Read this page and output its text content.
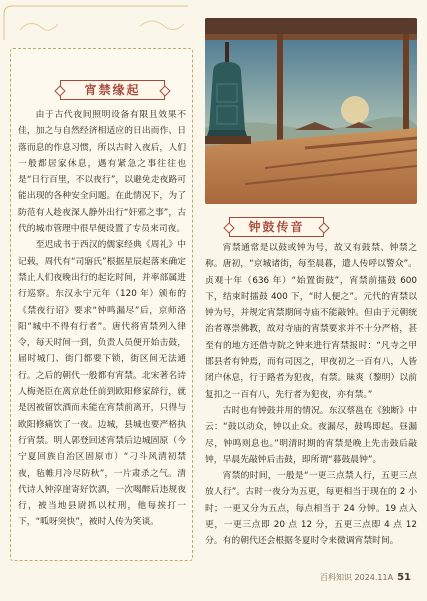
宵禁缘起

由于古代夜间照明设备有限且效果不佳，加之与自然经济相适应的日出而作、日落而息的作息习惯，所以古时入夜后，人们一般都居家休息，遇有紧急之事往往也是“日行百里，不以夜行”，以避免走夜路可能出现的各种安全问题。在此情况下，为了防范有人趁夜深人静外出行“奸邪之事”，古代的城市管理中很早便设置了专员来司夜。

至迟成书于西汉的儒家经典《周礼》中记载，周代有“司寤氏”根据星辰起落来确定禁止人们夜晚出行的起讫时间，并率部属进行巡察。东汉永宁元年（120 年）颁布的《禁夜行诏》要求“钟鸣漏尽”后，京师洛阳“城中不得有行者”。唐代将宵禁列入律令，每天时间一到，负责人员便开始击鼓，届时城门、街门都要下锁，街区间无法通行。之后的朝代一般都有宵禁。北宋著名诗人梅尧臣在离京赴任前到欧阳修家辞行，就是因被留饮酒而未能在宵禁前离开，只得与欧阳修痛饮了一夜。边城，县城也要严格执行宵禁。明人郭登回述宵禁后边城固原（今宁夏回族自治区固原市）“刁斗风清初禁夜，毡帷月冷尽防秋”，一片肃杀之气。清代诗人钟淳崖寄好饮酒，一次喝醉后违规夜行，被当地县尉抓以杖刑，他每挨打一下，“呱呀突快”，被时人传为笑谈。

钟鼓传音

宵禁通常是以鼓或钟为号，故又有鼓禁、钟禁之称。唐初，“京城诸街，每至晨暮，遣人传呼以警众”。贞观十年（636 年）“始置街鼓”，宵禁前擂鼓 600 下，结束时擂鼓 400 下，“时人便之”。元代的宵禁以钟为号，并规定宵禁期间寺庙不能敲钟。但由于元朝统治者尊崇佛教，故对寺庙的宵禁要求并不十分严格，甚至有的地方还借寺院之钟来进行宵禁报时：“凡寺之甲邯县者有钟焉，而有司因之，甲夜初之一百有八，人皆闭户休息，行于路者为犯夜，有禁。昧爽（黎明）以前复扣之一百有八，先行者为犯夜，亦有禁。”

古时也有钟鼓并用的情况。东汉蔡邕在《独断》中云：“鼓以动众，钟以止众。夜漏尽，鼓鸣即起。昼漏尽，钟鸣则息也。”明清时期的宵禁是晚上先击鼓后敲钟，早晨先敲钟后击鼓，即所谓“暮鼓晨钟”。

宵禁的时间，一般是“一更三点禁人行，五更三点放人行”。古时一夜分为五更，每更相当于现在的 2 小时；一更又分为五点，每点相当于 24 分钟。19 点入更，一更三点即 20 点 12 分，五更三点即 4 点 12 分。有的朝代还会根据冬夏时令来微调宵禁时间。

百科知识 2024.11A 51
